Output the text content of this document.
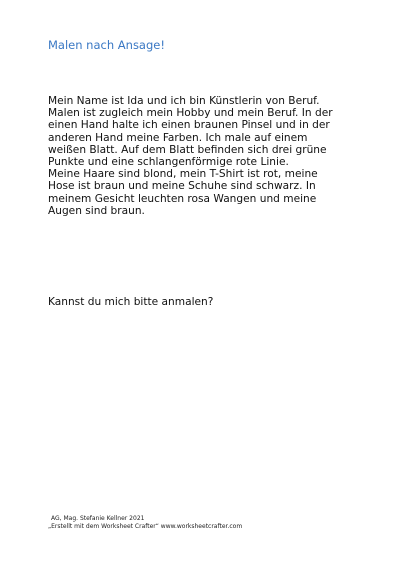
Malen nach Ansage!
Mein Name ist Ida und ich bin Künstlerin von Beruf.
Malen ist zugleich mein Hobby und mein Beruf. In der
einen Hand halte ich einen braunen Pinsel und in der
anderen Hand meine Farben. Ich male auf einem
weißen Blatt. Auf dem Blatt befinden sich drei grüne
Punkte und eine schlangenförmige rote Linie.
Meine Haare sind blond, mein T-Shirt ist rot, meine
Hose ist braun und meine Schuhe sind schwarz. In
meinem Gesicht leuchten rosa Wangen und meine
Augen sind braun.
Kannst du mich bitte anmalen?
AG, Mag. Stefanie Kellner 2021
„Erstellt mit dem Worksheet Crafter“ www.worksheetcrafter.com
